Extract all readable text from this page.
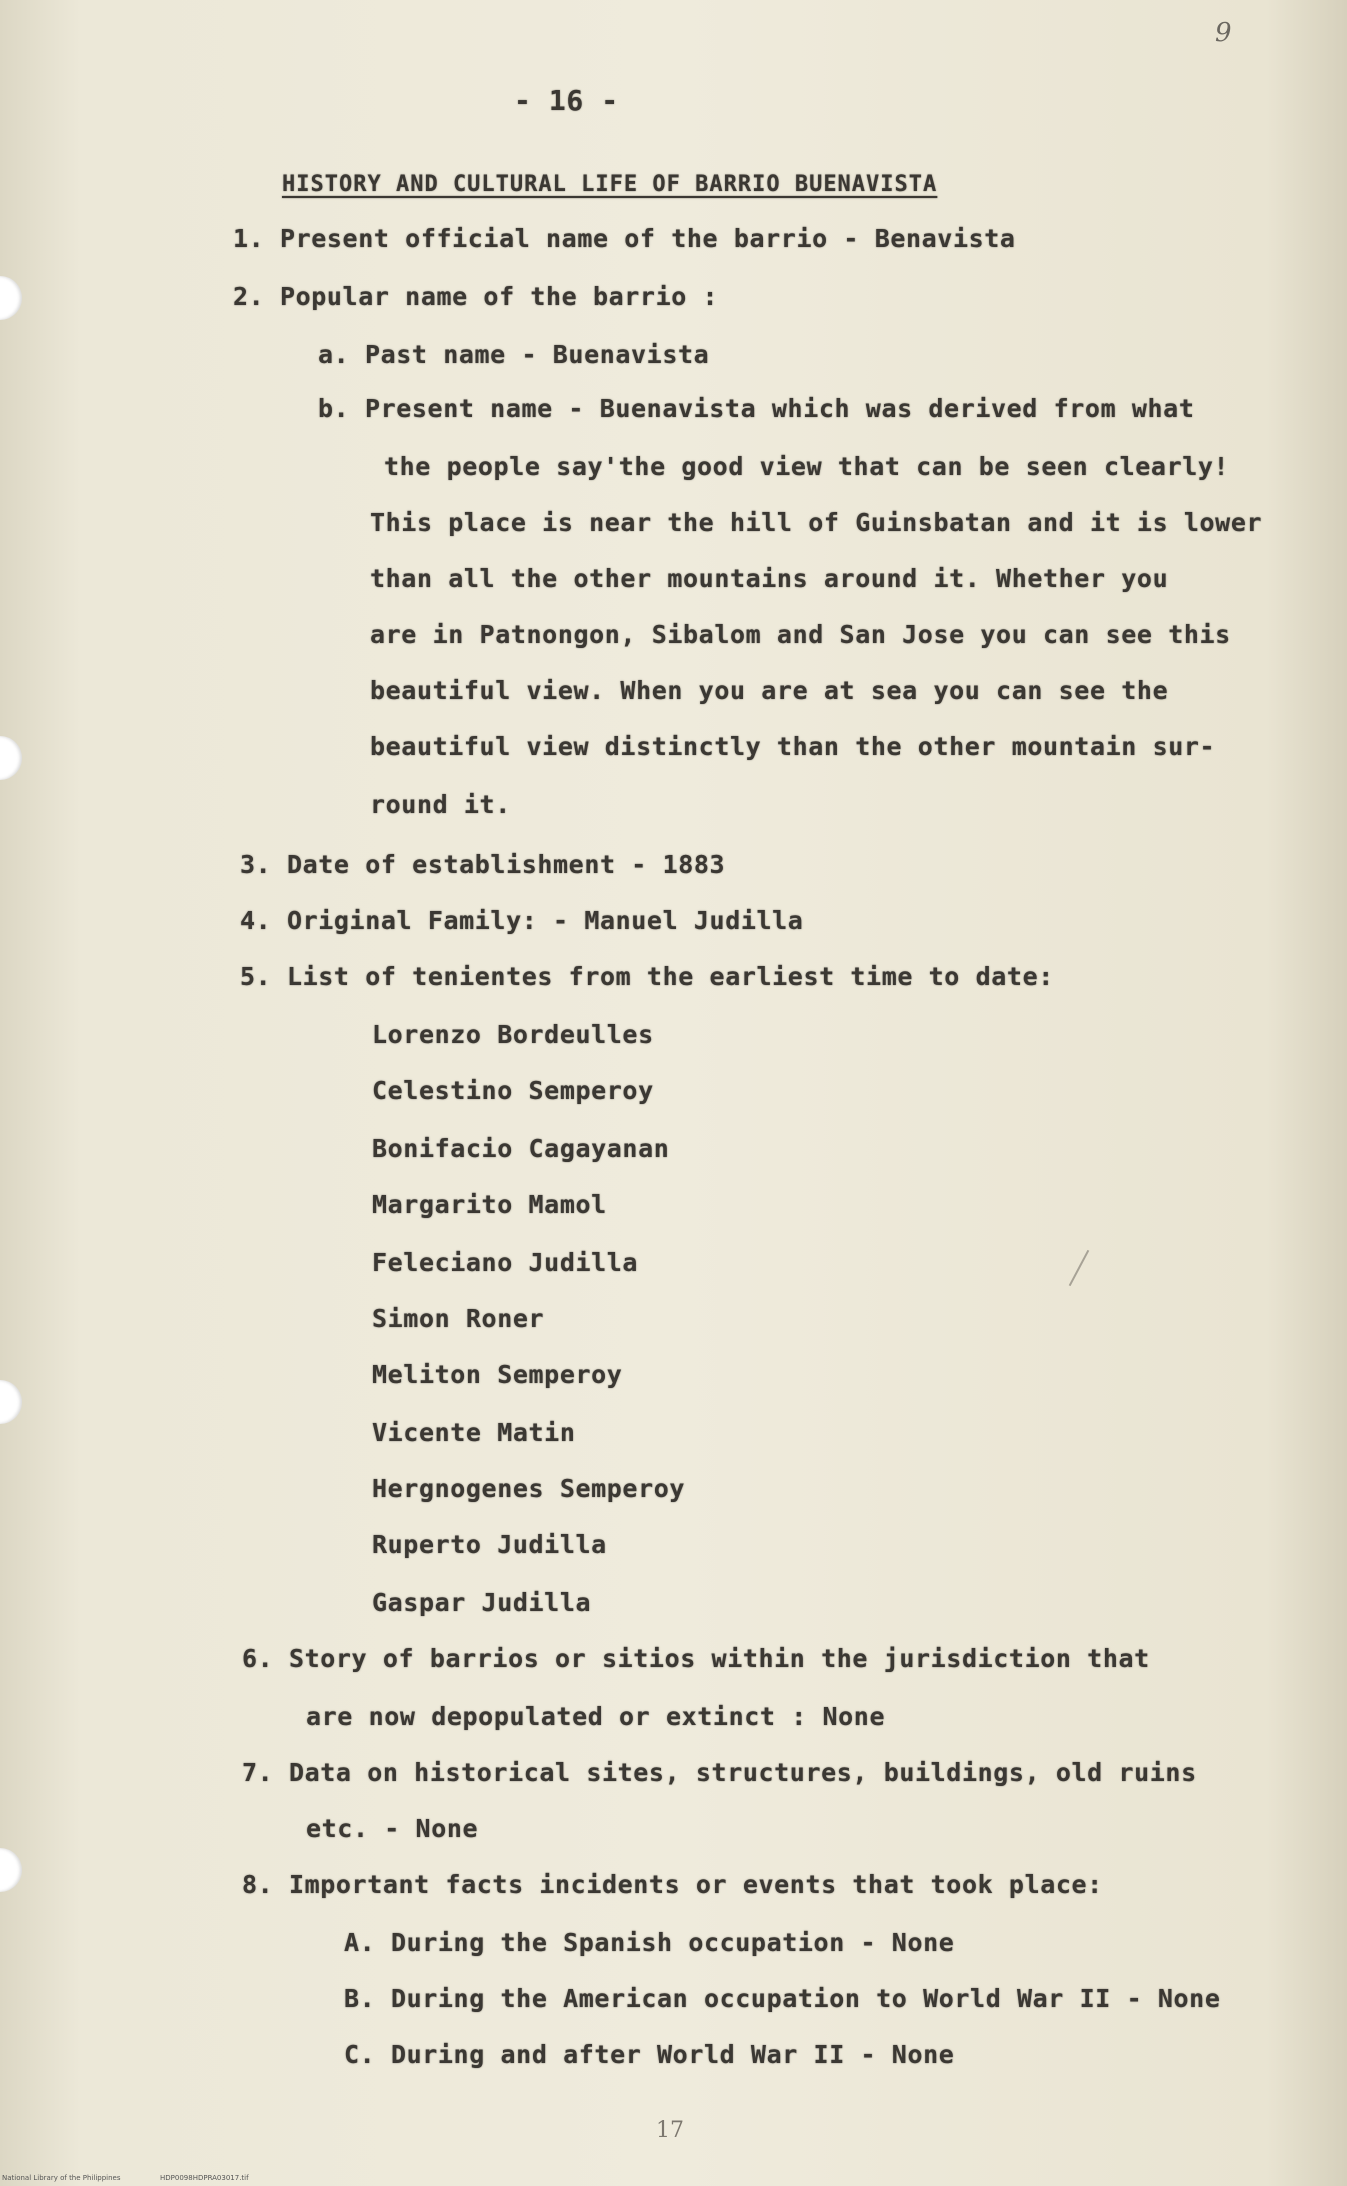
9
- 16 -
HISTORY AND CULTURAL LIFE OF BARRIO BUENAVISTA
1. Present official name of the barrio - Benavista
2. Popular name of the barrio :
a. Past name - Buenavista
b. Present name - Buenavista which was derived from what
the people say'the good view that can be seen clearly!
This place is near the hill of Guinsbatan and it is lower
than all the other mountains around it. Whether you
are in Patnongon, Sibalom and San Jose you can see this
beautiful view. When you are at sea you can see the
beautiful view distinctly than the other mountain sur-
round it.
3. Date of establishment - 1883
4. Original Family: - Manuel Judilla
5. List of tenientes from the earliest time to date:
Lorenzo Bordeulles
Celestino Semperoy
Bonifacio Cagayanan
Margarito Mamol
Feleciano Judilla
Simon Roner
Meliton Semperoy
Vicente Matin
Hergnogenes Semperoy
Ruperto Judilla
Gaspar Judilla
6. Story of barrios or sitios within the jurisdiction that
are now depopulated or extinct : None
7. Data on historical sites, structures, buildings, old ruins
etc. - None
8. Important facts incidents or events that took place:
A. During the Spanish occupation - None
B. During the American occupation to World War II - None
C. During and after World War II - None
17
National Library of the Philippines	HDP0098HDPRA03017.tif
